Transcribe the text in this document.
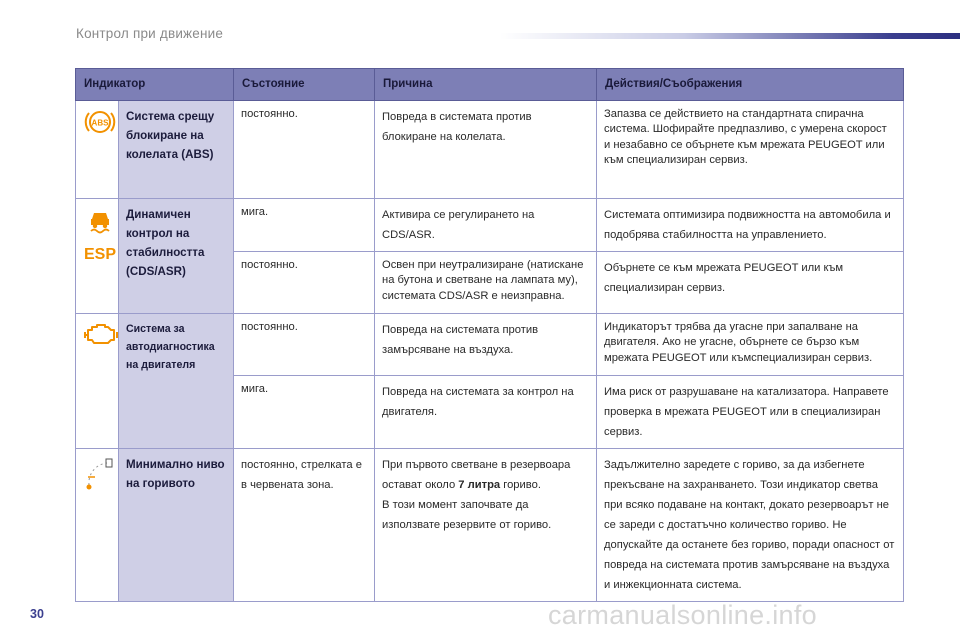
Контрол при движение
Индикатор		Състояние	Причина	Действия/Съображения

ABS	Система срещу блокиране на колелата (ABS)	постоянно.	Повреда в системата против блокиране на колелата.	Запазва се действието на стандартната спирачна система. Шофирайте предпазливо, с умерена скорост и незабавно се обърнете към мрежата PEUGEOT или към специализиран сервиз.

ESP	Динамичен контрол на стабилността (CDS/ASR)	мига.	Активира се регулирането на CDS/ASR.	Системата оптимизира подвижността на автомобила и подобрява стабилността на управлението.

		постоянно.	Освен при неутрализиране (натискане на бутона и светване на лампата му), системата CDS/ASR е неизправна.	Обърнете се към мрежата PEUGEOT или към специализиран сервиз.

	Система за автодиагностика на двигателя	постоянно.	Повреда на системата против замърсяване на въздуха.	Индикаторът трябва да угасне при запалване на двигателя. Ако не угасне, обърнете се бързо към мрежата PEUGEOT или къмспециализиран сервиз.
		мига.	Повреда на системата за контрол на двигателя.	Има риск от разрушаване на катализатора. Направете проверка в мрежата PEUGEOT или в специализиран сервиз.

	Минимално ниво на горивото	постоянно, стрелката е в червената зона.	При първото светване в резервоара остават около 7 литра гориво.
В този момент започвате да използвате резервите от гориво.	Задължително заредете с гориво, за да избегнете прекъсване на захранването. Този индикатор светва при всяко подаване на контакт, докато резервоарът не се зареди с достатъчно количество гориво. Не допускайте да останете без гориво, поради опасност от повреда на системата против замърсяване на въздуха и инжекционната система.
30	carmanualsonline.info
